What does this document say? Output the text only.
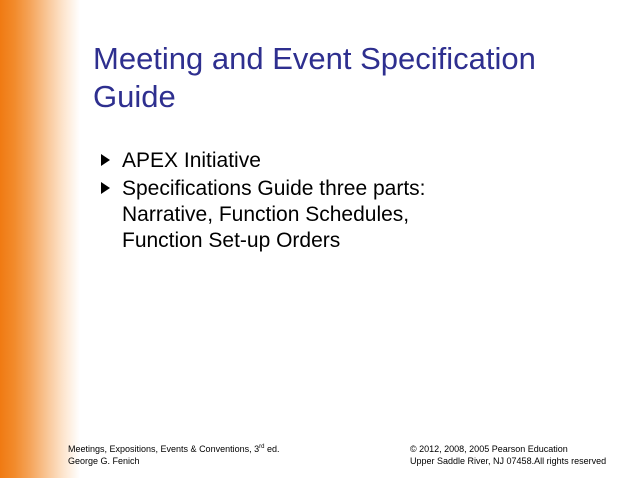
Meeting and Event Specification Guide
APEX Initiative
Specifications Guide three parts: Narrative, Function Schedules, Function Set-up Orders
Meetings, Expositions, Events & Conventions, 3rd ed.
George G. Fenich
© 2012, 2008, 2005 Pearson Education
Upper Saddle River, NJ 07458.All rights reserved
